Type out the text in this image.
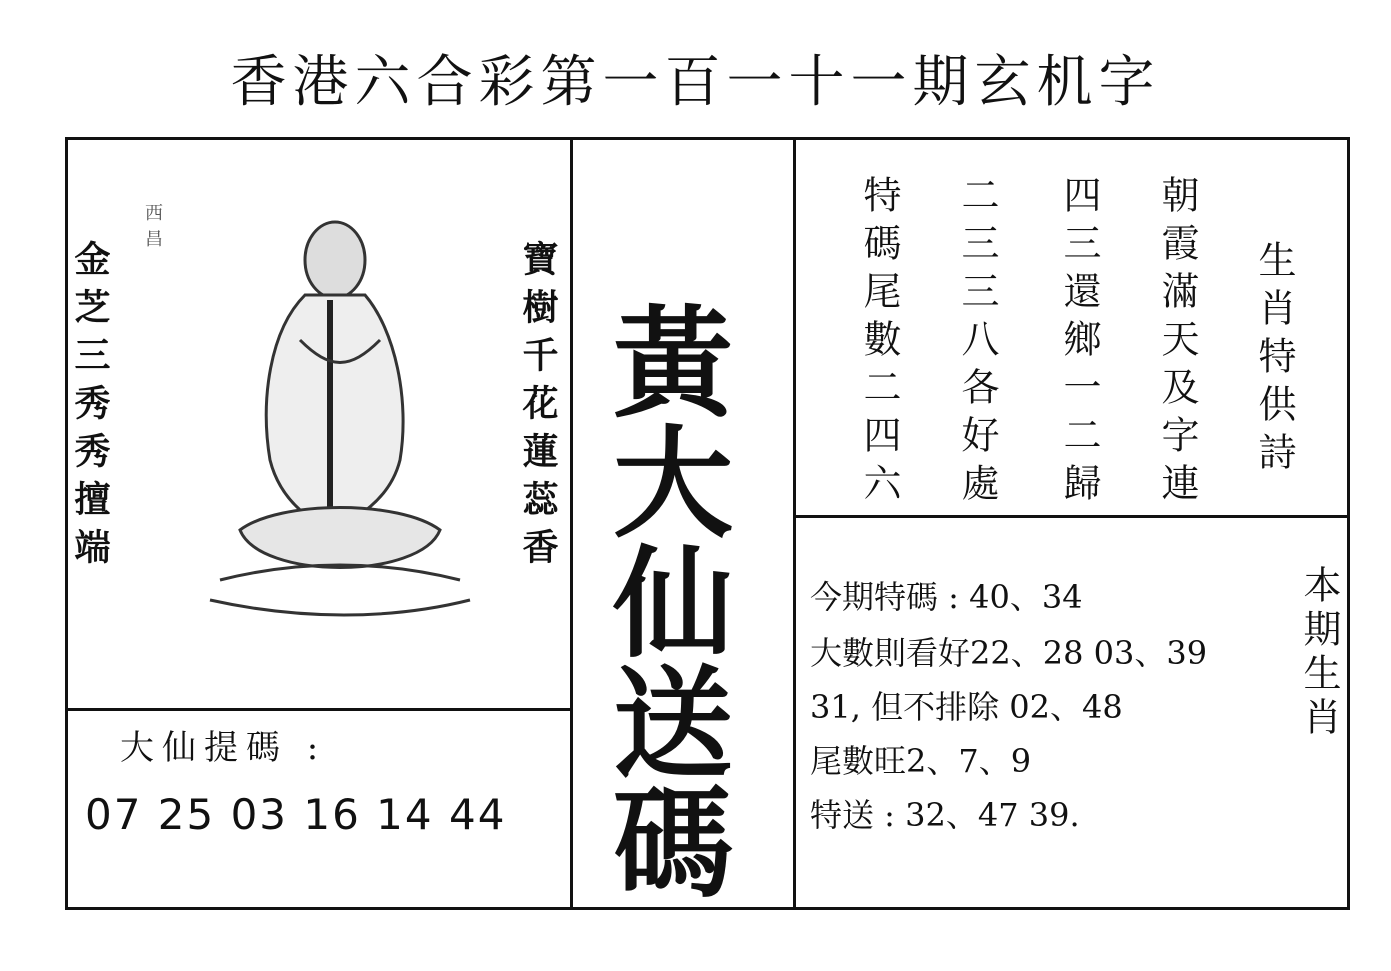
香港六合彩第一百一十一期玄机字
金芝三秀秀擅端	寶樹千花蓮蕊香
西昌
大仙提碼 :
07 25 03 16 14 44 黃大仙送碼	特碼尾數二四六 二三三八各好處 四三還鄉一二歸 朝霞滿天及字連 生肖特供詩
今期特碼 : 40、34
大數則看好22、28 03、39
31, 但不排除 02、48
尾數旺2、7、9
特送 : 32、47 39.
本期生肖
